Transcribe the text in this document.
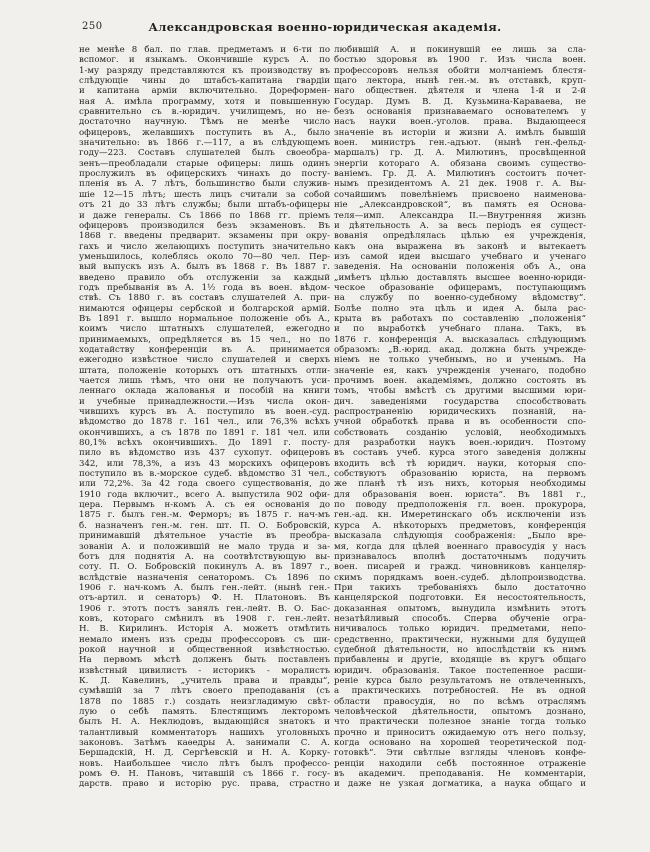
250	Александровская военно-юридическая академія.
не менѣе 8 бал. по глав. предметамъ и 6-ти по
вспомог. и языкамъ. Окончившіе курсъ А. по
1-му разряду представляются къ производству въ
слѣдующіе чины до штабсъ-капитана гвардіи
и капитана арміи включительно. Дореформен-
ная А. имѣла программу, хотя и повышенную
сравнительно съ в.-юридич. училищемъ, но не-
достаточно научную. Тѣмъ не менѣе число
офицеровъ, желавшихъ поступить въ А., было
значительно: въ 1866 г.—117, а въ слѣдующемъ
году—223. Составъ слушателей былъ своеобра-
зенъ—преобладали старые офицеры: лишь одинъ
прослужилъ въ офицерскихъ чинахъ до посту-
пленія въ А. 7 лѣтъ, большинство были служив-
шіе 12—15 лѣтъ; шесть лицъ считали за собой
отъ 21 до 33 лѣтъ службы; были штабъ-офицеры
и даже генералы. Съ 1866 по 1868 гг. пріемъ
офицеровъ производился безъ экзаменовъ. Въ
1868 г. введены предварит. экзамены при окру-
гахъ и число желающихъ поступить значительно
уменьшилось, колеблясь около 70—80 чел. Пер-
вый выпускъ изъ А. былъ въ 1868 г. Въ 1887 г.
введено правило объ отслуженіи за каждый
годъ пребыванія въ А. 1½ года въ воен. вѣдом-
ствѣ. Съ 1880 г. въ составъ слушателей А. при-
нимаются офицеры сербской и болгарской армій.
Въ 1891 г. вышло нормальное положеніе объ А.,
коимъ число штатныхъ слушателей, ежегодно
принимаемыхъ, опредѣляется въ 15 чел., но по
ходатайству конференціи въ А. принимается
ежегодно извѣстное число слушателей и сверхъ
штата, положеніе которыхъ отъ штатныхъ отли-
чается лишь тѣмъ, что они не получаютъ уси-
леннаго оклада жалованья и пособій на книги
и учебные принадлежности.—Изъ числа окон-
чившихъ курсъ въ А. поступило въ воен.-суд.
вѣдомство до 1878 г. 161 чел., или 76,3% всѣхъ
окончившихъ, а съ 1878 по 1891 г. 181 чел. или
80,1% всѣхъ окончившихъ. До 1891 г. посту-
пило въ вѣдомство изъ 437 сухопут. офицеровъ
342, или 78,3%, а изъ 43 морскихъ офицеровъ
поступило въ в.-морское судеб. вѣдомство 31 чел.,
или 72,2%. За 42 года своего существованія, до
1910 года включит., всего А. выпустила 902 офи-
цера. Первымъ н-комъ А. съ ея основанія до
1875 г. былъ ген.-м. Ферморъ; въ 1875 г. нач-мъ
б. назначенъ ген.-м. ген. шт. П. О. Бобровскій,
принимавшій дѣятельное участіе въ преобра-
зованіи А. и положившій не мало труда и за-
ботъ для поднятія А. на соотвѣтствующую вы-
соту. П. О. Бобровскій покинулъ А. въ 1897 г.,
вслѣдствіе назначенія сенаторомъ. Съ 1896 по
1906 г. нач-комъ А. былъ ген.-лейт. (нынѣ ген.-
отъ-артил. и сенаторъ) Ф. Н. Платоновъ. Въ
1906 г. этотъ постъ занялъ ген.-лейт. В. О. Бас-
ковъ, котораго смѣнилъ въ 1908 г. ген.-лейт.
Н. В. Кирилинъ. Исторія А. можетъ отмѣтить
немало именъ изъ среды профессоровъ съ ши-
рокой научной и общественной извѣстностью.
На первомъ мѣстѣ долженъ быть поставленъ
извѣстный цивилистъ - историкъ - моралистъ
К. Д. Кавелинъ, „учитель права и правды“,
сумѣвшій за 7 лѣтъ своего преподаванія (съ
1878 по 1885 г.) создать неизгладимую свѣт-
лую о себѣ память. Блестящимъ лекторомъ
былъ Н. А. Неклюдовъ, выдающійся знатокъ и
талантливый комментаторъ нашихъ уголовныхъ
законовъ. Затѣмъ каѳедры А. занимали С. А.
Бершадскій, Н. Д. Сергѣевскій и Н. А. Корку-
новъ. Наибольшее число лѣтъ былъ профессо-
ромъ Ѳ. Н. Пановъ, читавшій съ 1866 г. госу-
дарств. право и исторію рус. права, страстно
любившій А. и покинувшій ее лишь за сла-
бостью здоровья въ 1900 г. Изъ числа воен.
профессоровъ нельзя обойти молчаніемъ блестя-
щаго лектора, нынѣ ген.-м. въ отставкѣ, круп-
наго обществен. дѣятеля и члена 1-й и 2-й
Государ. Думъ В. Д. Кузьмина-Караваева, не
безъ основанія признаваемаго основателемъ у
насъ науки воен.-уголов. права. Выдающееся
значеніе въ исторіи и жизни А. имѣлъ бывшій
воен. министръ ген.-адъют. (нынѣ ген.-фельд-
маршалъ) гр. Д. А. Милютинъ, просвѣщенной
энергіи котораго А. обязана своимъ существо-
ваніемъ. Гр. Д. А. Милютинъ состоитъ почет-
нымъ президентомъ А. 21 дек. 1908 г. А. Вы-
сочайшимъ повелѣніемъ присвоено наименова-
ніе „Александровской“, въ память ея Основа-
теля—имп. Александра II.—Внутренняя жизнь
и дѣятельность А. за весь періодъ ея сущест-
вованія опредѣлялась цѣлью ея учрежденія,
какъ она выражена въ законѣ и вытекаетъ
изъ самой идеи высшаго учебнаго и ученаго
заведенія. На основаніи положенія объ А., она
„имѣетъ цѣлью доставлять высшее военно-юриди-
ческое образованіе офицерамъ, поступающимъ
на службу по военно-судебному вѣдомству“.
Болѣе полно эта цѣль и идея А. была рас-
крыта въ работахъ по составленію „положенія“
и по выработкѣ учебнаго плана. Такъ, въ
1876 г. конференція А. высказалась слѣдующимъ
образомъ: „В.-юрид. акад. должна быть учрежде-
ніемъ не только учебнымъ, но и ученымъ. На
значеніе ея, какъ учрежденія ученаго, подобно
прочимъ воен. академіямъ, должно состоять въ
томъ, чтобы вмѣстѣ съ другими высшими юри-
дич. заведеніями государства способствовать
распространенію юридическихъ познаній, на-
учной обработкѣ права и въ особенности спо-
собствовать созданію условій, необходимыхъ
для разработки наукъ воен.-юридич. Поэтому
въ составъ учеб. курса этого заведенія должны
входить всѣ тѣ юридич. науки, которыя спо-
собствуютъ образованію юриста, на первомъ
же планѣ тѣ изъ нихъ, которыя необходимы
для образованія воен. юриста“. Въ 1881 г.,
по поводу предположенія гл. воен. прокурора,
ген.-ад. кн. Имеретинскаго объ исключеніи изъ
курса А. нѣкоторыхъ предметовъ, конференція
высказала слѣдующія соображенія: „Было вре-
мя, когда для цѣлей военнаго правосудія у насъ
признавалось вполнѣ достаточнымъ подучить
воен. писарей и гражд. чиновниковъ канцеляр-
скимъ порядкамъ воен.-судеб. дѣлопроизводства.
При такихъ требованіяхъ было достаточно
канцелярской подготовки. Ея несостоятельность,
доказанная опытомъ, вынудила измѣнить этотъ
незатѣйливый способъ. Сперва обученіе огра-
ничивалось только юридич. предметами, непо-
средственно, практически, нужными для будущей
судебной дѣятельности, но впослѣдствіи къ нимъ
прибавлены и другіе, входящіе въ кругъ общаго
юридич. образованія. Такое постепенное расши-
реніе курса было результатомъ не отвлеченныхъ,
а практическихъ потребностей. Не въ одной
области правосудія, но по всѣмъ отраслямъ
человѣческой дѣятельности, опытомъ дознано,
что практически полезное знаніе тогда только
прочно и приноситъ ожидаемую отъ него пользу,
когда основано на хорошей теоретической под-
готовкѣ“. Эти свѣтлые взгляды членовъ конфе-
ренціи находили себѣ постоянное отраженіе
въ академич. преподаванія. Не комментаріи,
и даже не узкая догматика, а наука общаго и
